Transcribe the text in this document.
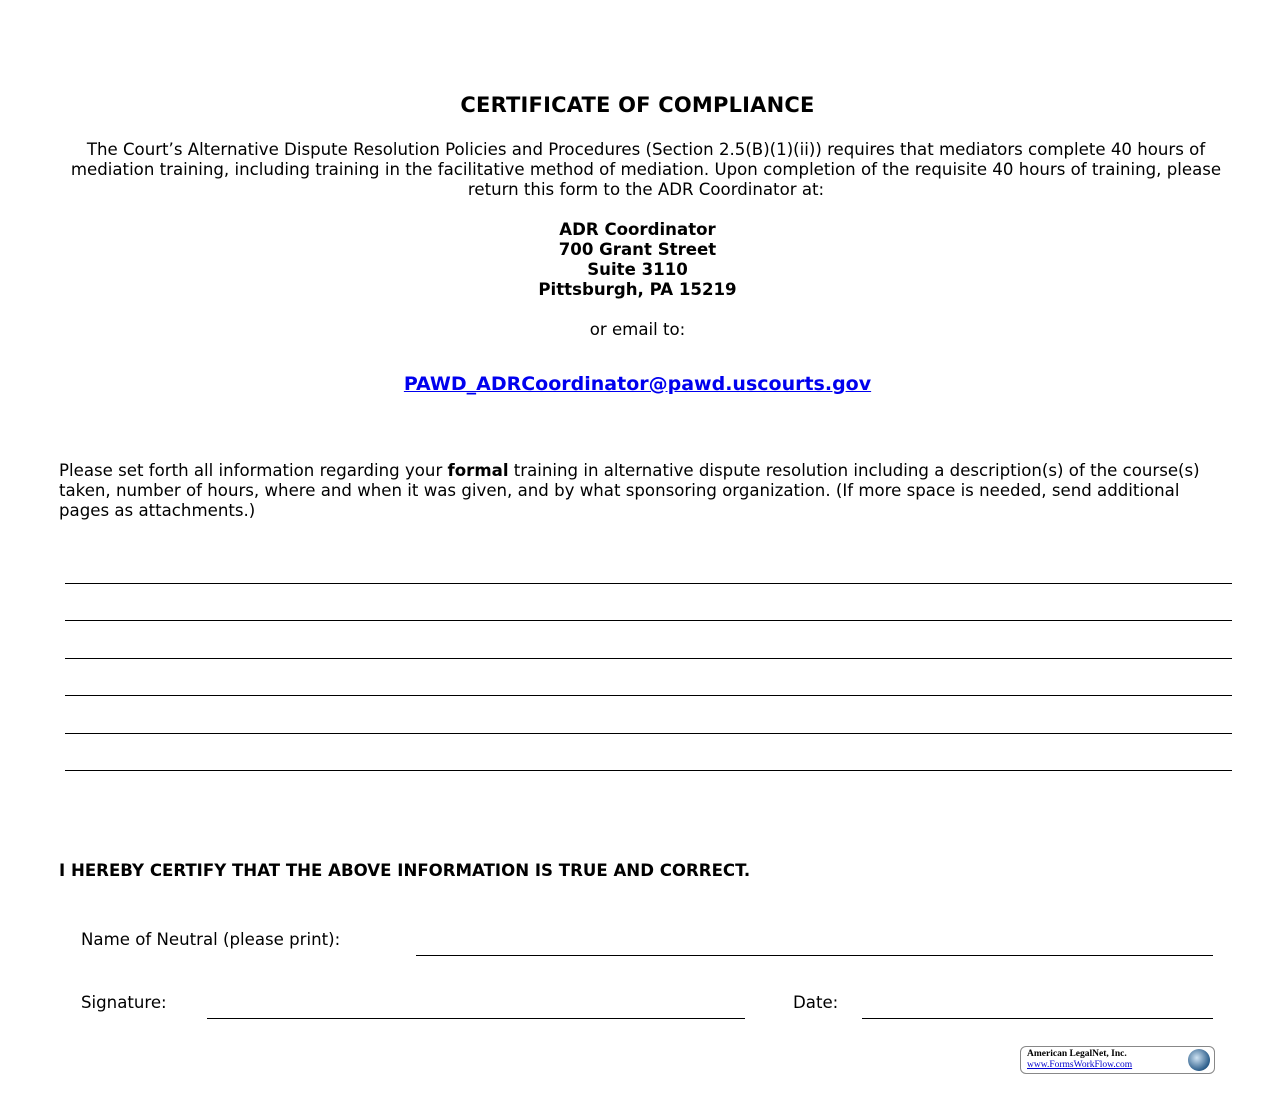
CERTIFICATE OF COMPLIANCE
The Court’s Alternative Dispute Resolution Policies and Procedures (Section 2.5(B)(1)(ii)) requires that mediators complete 40 hours of mediation training, including training in the facilitative method of mediation. Upon completion of the requisite 40 hours of training, please return this form to the ADR Coordinator at:
ADR Coordinator
700 Grant Street
Suite 3110
Pittsburgh, PA 15219
or email to:
PAWD_ADRCoordinator@pawd.uscourts.gov
Please set forth all information regarding your formal training in alternative dispute resolution including a description(s) of the course(s) taken, number of hours, where and when it was given, and by what sponsoring organization. (If more space is needed, send additional pages as attachments.)
I HEREBY CERTIFY THAT THE ABOVE INFORMATION IS TRUE AND CORRECT.
Name of Neutral (please print):
Signature:	Date:
American LegalNet, Inc.
www.FormsWorkFlow.com
